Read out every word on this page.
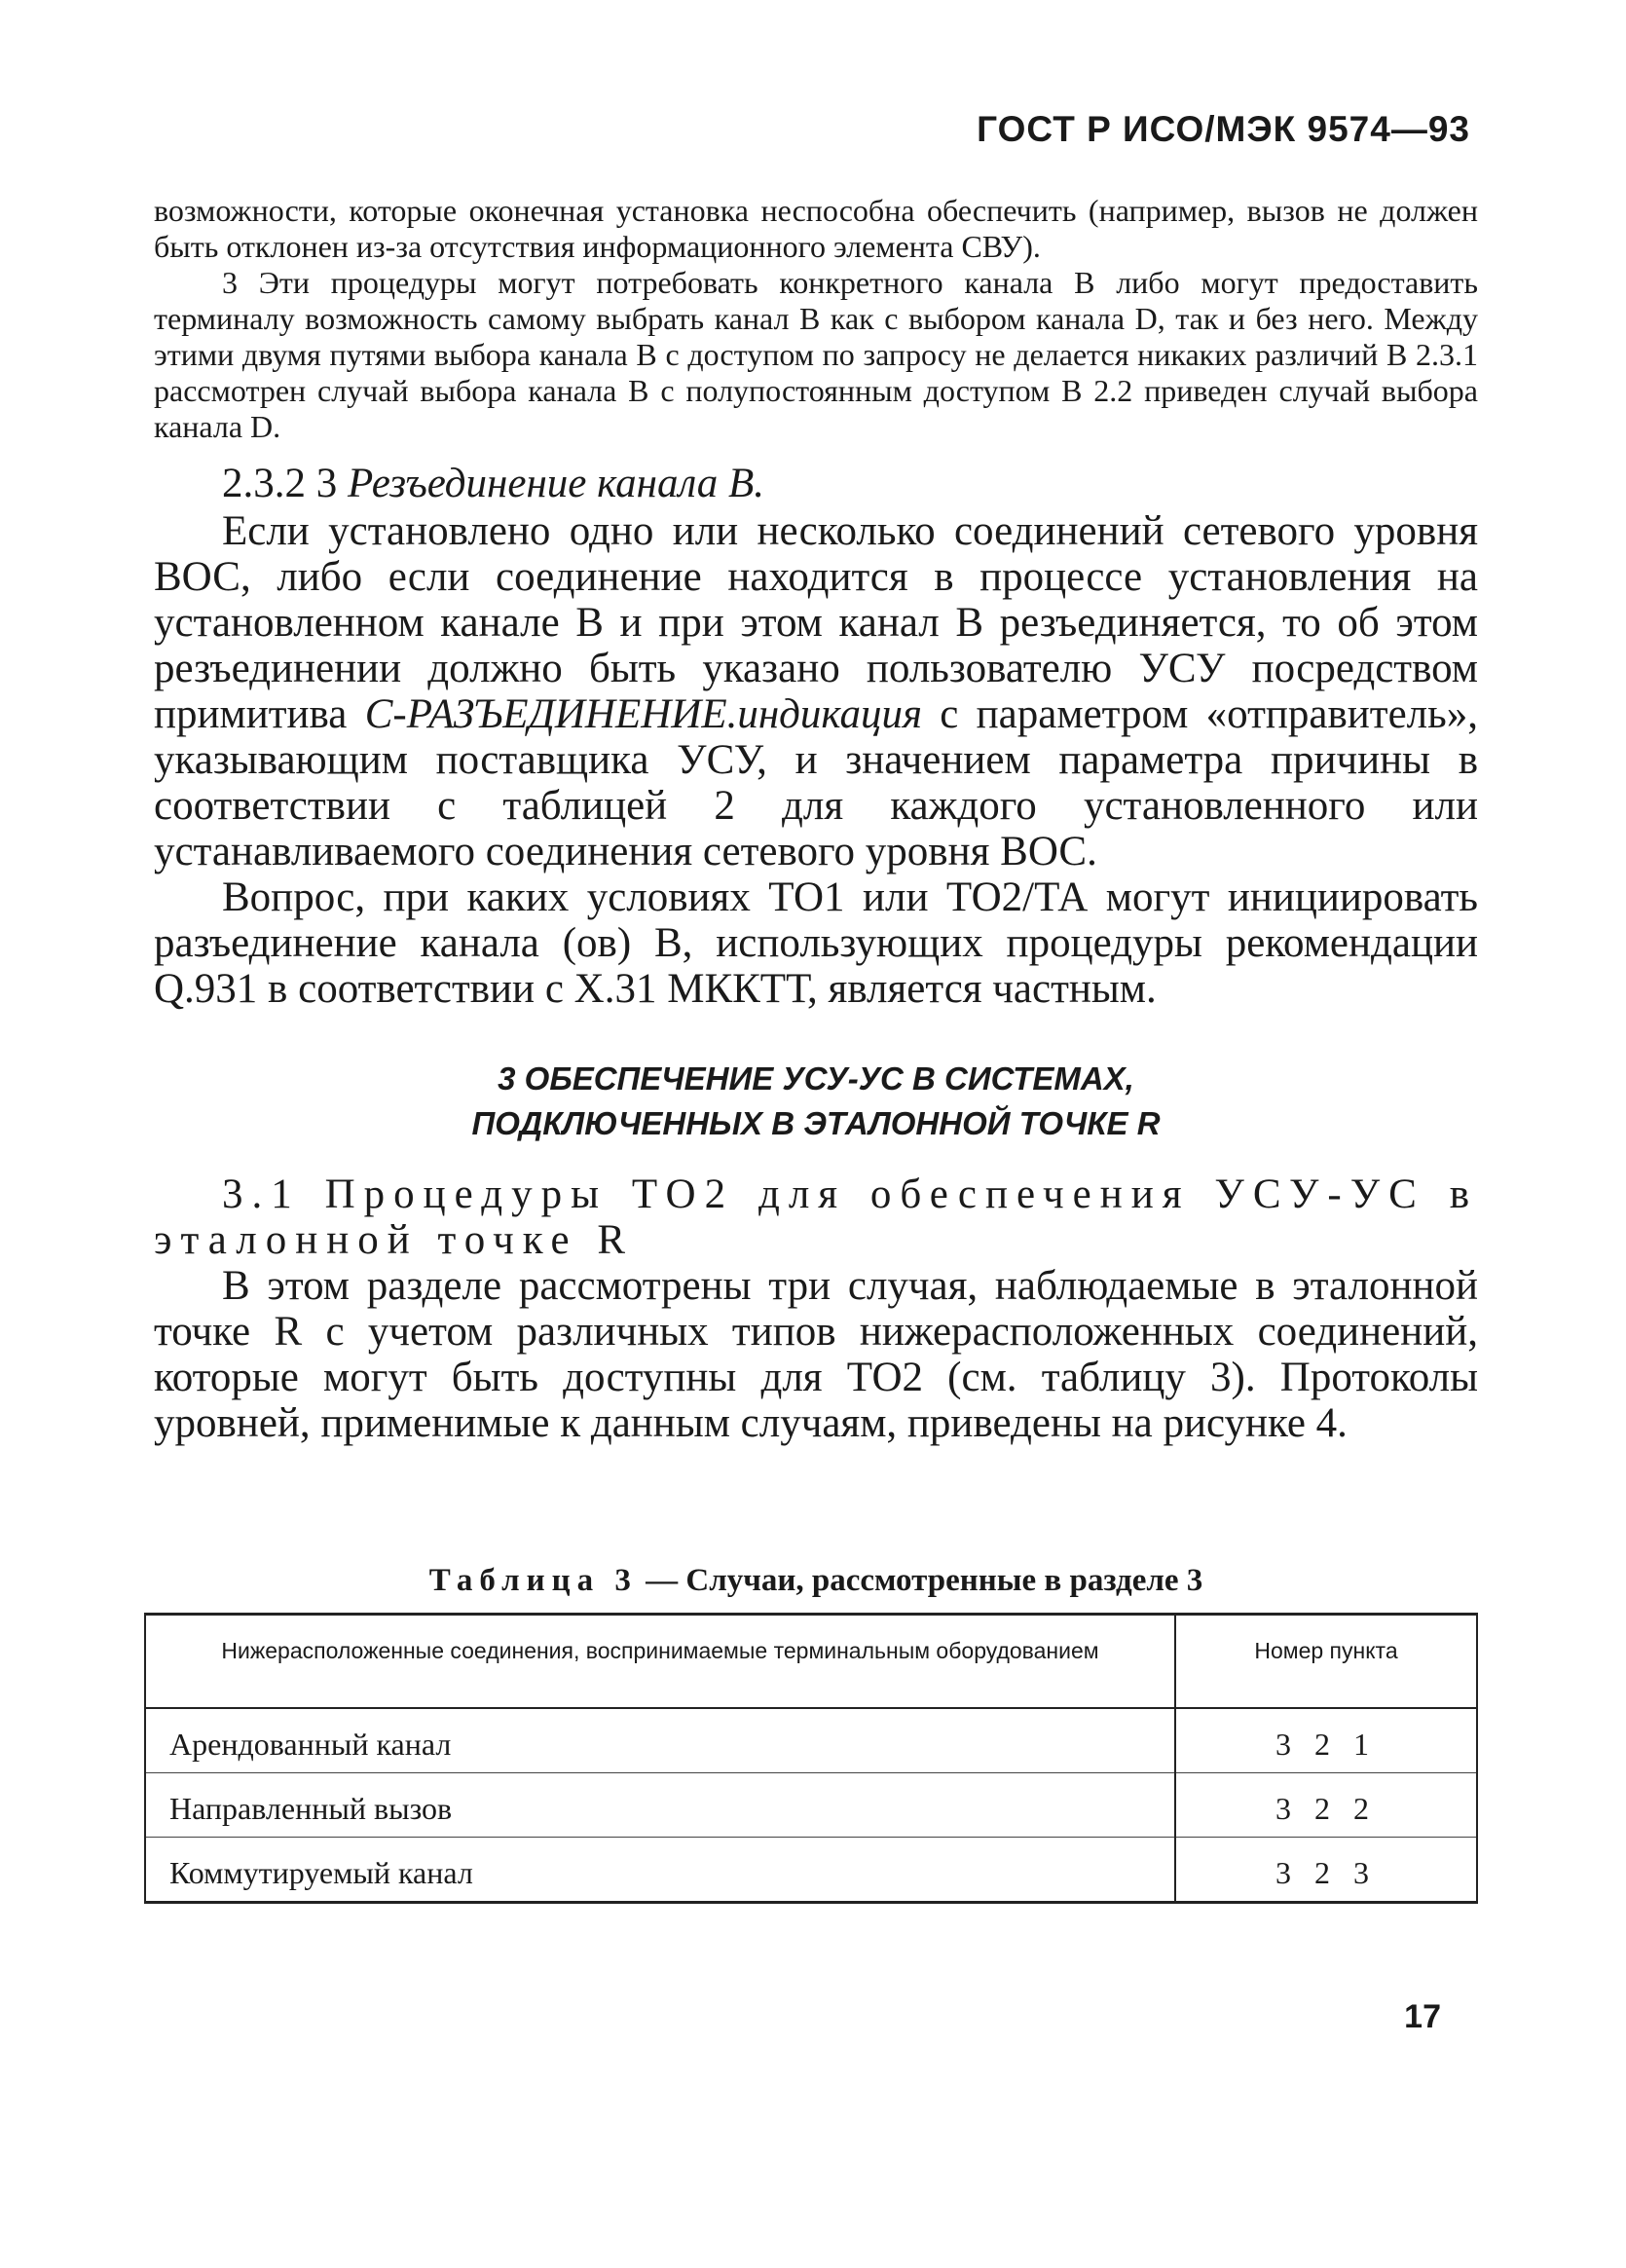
ГОСТ Р ИСО/МЭК 9574—93

возможности, которые оконечная установка неспособна обеспечить (например, вызов не должен быть отклонен из-за отсутствия информационного элемента СВУ).

3 Эти процедуры могут потребовать конкретного канала В либо могут предоставить терминалу возможность самому выбрать канал В как с выбором канала D, так и без него. Между этими двумя путями выбора канала В с доступом по запросу не делается никаких различий В 2.3.1 рассмотрен случай выбора канала В с полупостоянным доступом В 2.2 приведен случай выбора канала D.

2.3.2 3 Резъединение канала В.

Если установлено одно или несколько соединений сетевого уровня ВОС, либо если соединение находится в процессе установления на установленном канале В и при этом канал В резъединяется, то об этом резъединении должно быть указано пользователю УСУ посредством примитива С-РАЗЪЕДИНЕНИЕ.индикация с параметром «отправитель», указывающим поставщика УСУ, и значением параметра причины в соответствии с таблицей 2 для каждого установленного или устанавливаемого соединения сетевого уровня ВОС.

Вопрос, при каких условиях ТО1 или ТО2/ТА могут инициировать разъединение канала (ов) В, использующих процедуры рекомендации Q.931 в соответствии с Х.31 МККТТ, является частным.

3 ОБЕСПЕЧЕНИЕ УСУ-УС В СИСТЕМАХ,
ПОДКЛЮЧЕННЫХ В ЭТАЛОННОЙ ТОЧКЕ R

3.1 Процедуры ТО2 для обеспечения УСУ-УС в эталонной точке R

В этом разделе рассмотрены три случая, наблюдаемые в эталонной точке R с учетом различных типов нижерасположенных соединений, которые могут быть доступны для ТО2 (см. таблицу 3). Протоколы уровней, применимые к данным случаям, приведены на рисунке 4.

Таблица 3 — Случаи, рассмотренные в разделе 3

Нижерасположенные соединения, воспринимаемые терминальным оборудованием	Номер пункта
Арендованный канал	3 2 1
Направленный вызов	3 2 2
Коммутируемый канал	3 2 3
17
